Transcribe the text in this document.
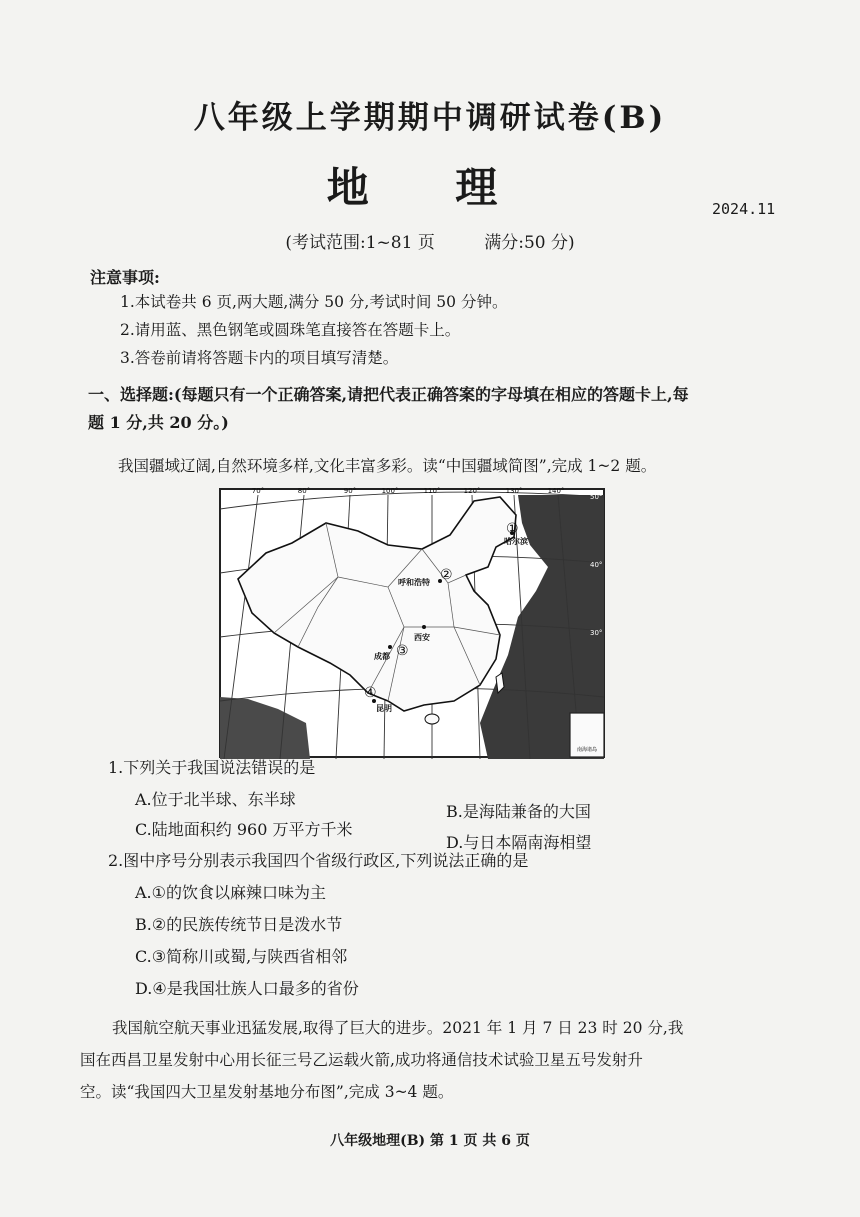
八年级上学期期中调研试卷(B)
地 理	2024.11
(考试范围:1~81 页	满分:50 分)
注意事项:
1.本试卷共 6 页,两大题,满分 50 分,考试时间 50 分钟。
2.请用蓝、黑色钢笔或圆珠笔直接答在答题卡上。
3.答卷前请将答题卡内的项目填写清楚。
一、选择题:(每题只有一个正确答案,请把代表正确答案的字母填在相应的答题卡上,每
题 1 分,共 20 分。)
我国疆域辽阔,自然环境多样,文化丰富多彩。读“中国疆域简图”,完成 1~2 题。
南海诸岛
70°	80°	90°	100°	110°	120°	130°	140°
50°
40°
30°
哈尔滨
呼和浩特
西安
成都
昆明
①
②
③
④
1.下列关于我国说法错误的是
A.位于北半球、东半球
B.是海陆兼备的大国
C.陆地面积约 960 万平方千米
D.与日本隔南海相望
2.图中序号分别表示我国四个省级行政区,下列说法正确的是
A.①的饮食以麻辣口味为主
B.②的民族传统节日是泼水节
C.③简称川或蜀,与陕西省相邻
D.④是我国壮族人口最多的省份
我国航空航天事业迅猛发展,取得了巨大的进步。2021 年 1 月 7 日 23 时 20 分,我
国在西昌卫星发射中心用长征三号乙运载火箭,成功将通信技术试验卫星五号发射升
空。读“我国四大卫星发射基地分布图”,完成 3~4 题。
八年级地理(B) 第 1 页 共 6 页
